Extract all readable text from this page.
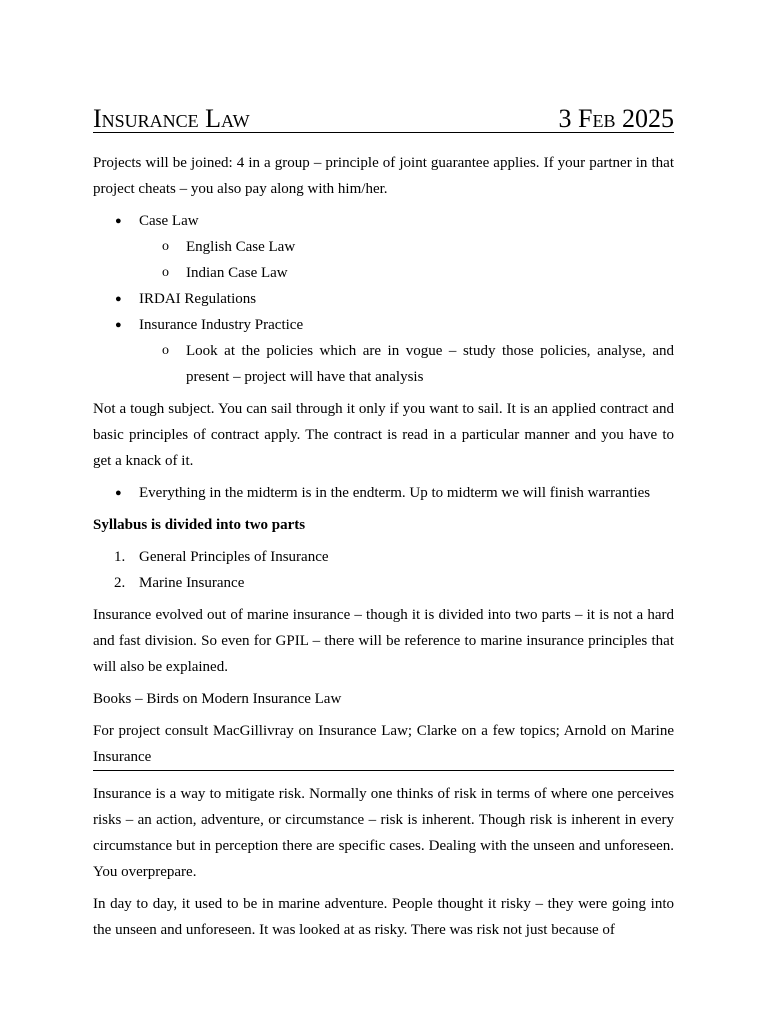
Insurance Law	3 Feb 2025

Projects will be joined: 4 in a group – principle of joint guarantee applies. If your partner in that project cheats – you also pay along with him/her.

● Case Law
o English Case Law
o Indian Case Law
● IRDAI Regulations
● Insurance Industry Practice
o Look at the policies which are in vogue – study those policies, analyse, and present – project will have that analysis

Not a tough subject. You can sail through it only if you want to sail. It is an applied contract and basic principles of contract apply. The contract is read in a particular manner and you have to get a knack of it.

● Everything in the midterm is in the endterm. Up to midterm we will finish warranties

Syllabus is divided into two parts

1. General Principles of Insurance
2. Marine Insurance

Insurance evolved out of marine insurance – though it is divided into two parts – it is not a hard and fast division. So even for GPIL – there will be reference to marine insurance principles that will also be explained.

Books – Birds on Modern Insurance Law

For project consult MacGillivray on Insurance Law; Clarke on a few topics; Arnold on Marine Insurance

Insurance is a way to mitigate risk. Normally one thinks of risk in terms of where one perceives risks – an action, adventure, or circumstance – risk is inherent. Though risk is inherent in every circumstance but in perception there are specific cases. Dealing with the unseen and unforeseen. You overprepare.

In day to day, it used to be in marine adventure. People thought it risky – they were going into the unseen and unforeseen. It was looked at as risky. There was risk not just because of
